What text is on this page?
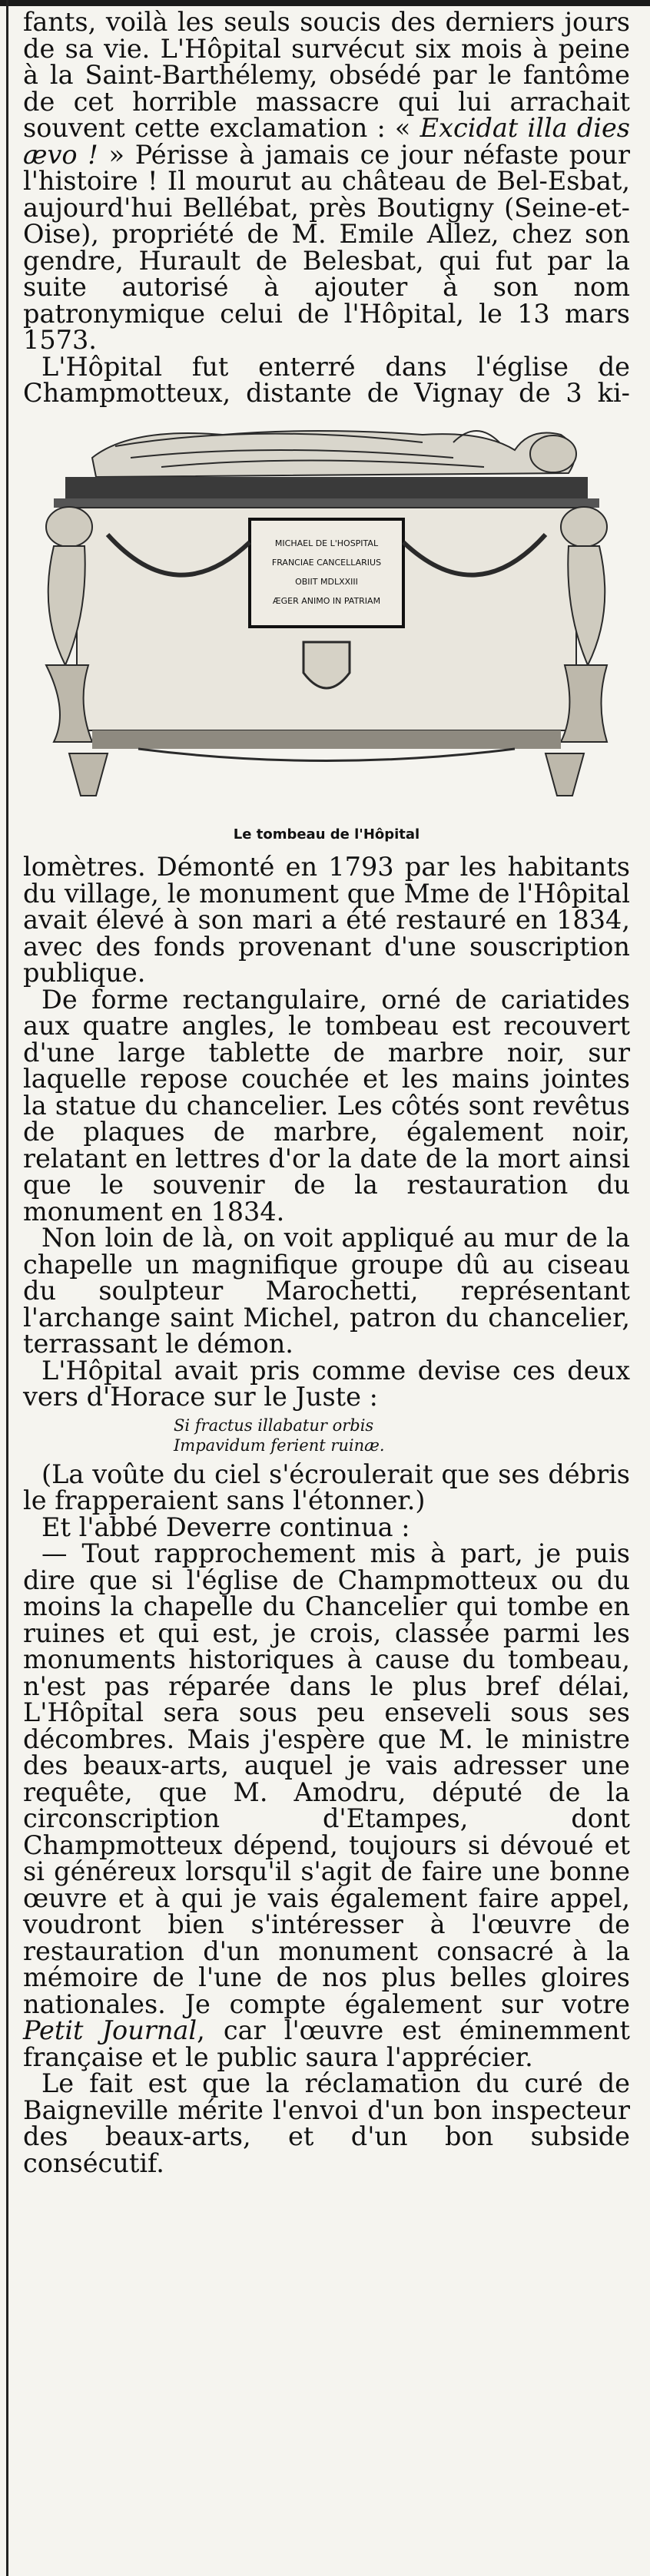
fants, voilà les seuls soucis des derniers jours de sa vie. L'Hôpital survécut six mois à peine à la Saint-Barthélemy, obsédé par le fantôme de cet horrible massacre qui lui arrachait souvent cette exclamation : « Excidat illa dies ævo ! » Périsse à jamais ce jour néfaste pour l'histoire ! Il mourut au château de Bel-Esbat, aujourd'hui Bellébat, près Boutigny (Seine-et-Oise), propriété de M. Emile Allez, chez son gendre, Hurault de Belesbat, qui fut par la suite autorisé à ajouter à son nom patronymique celui de l'Hôpital, le 13 mars 1573.

L'Hôpital fut enterré dans l'église de Champmotteux, distante de Vignay de 3 ki-

MICHAEL DE L'HOSPITAL
FRANCIAE CANCELLARIUS
OBIIT MDLXXIII
ÆGER ANIMO IN PATRIAM
Le tombeau de l'Hôpital

lomètres. Démonté en 1793 par les habitants du village, le monument que Mme de l'Hôpital avait élevé à son mari a été restauré en 1834, avec des fonds provenant d'une souscription publique.

De forme rectangulaire, orné de cariatides aux quatre angles, le tombeau est recouvert d'une large tablette de marbre noir, sur laquelle repose couchée et les mains jointes la statue du chancelier. Les côtés sont revêtus de plaques de marbre, également noir, relatant en lettres d'or la date de la mort ainsi que le souvenir de la restauration du monument en 1834.

Non loin de là, on voit appliqué au mur de la chapelle un magnifique groupe dû au ciseau du soulpteur Marochetti, représentant l'archange saint Michel, patron du chancelier, terrassant le démon.

L'Hôpital avait pris comme devise ces deux vers d'Horace sur le Juste :

Si fractus illabatur orbis
Impavidum ferient ruinæ.

(La voûte du ciel s'écroulerait que ses débris le frapperaient sans l'étonner.)

Et l'abbé Deverre continua :

— Tout rapprochement mis à part, je puis dire que si l'église de Champmotteux ou du moins la chapelle du Chancelier qui tombe en ruines et qui est, je crois, classée parmi les monuments historiques à cause du tombeau, n'est pas réparée dans le plus bref délai, L'Hôpital sera sous peu enseveli sous ses décombres. Mais j'espère que M. le ministre des beaux-arts, auquel je vais adresser une requête, que M. Amodru, député de la circonscription d'Etampes, dont Champmotteux dépend, toujours si dévoué et si généreux lorsqu'il s'agit de faire une bonne œuvre et à qui je vais également faire appel, voudront bien s'intéresser à l'œuvre de restauration d'un monument consacré à la mémoire de l'une de nos plus belles gloires nationales. Je compte également sur votre Petit Journal, car l'œuvre est éminemment française et le public saura l'apprécier.

Le fait est que la réclamation du curé de Baigneville mérite l'envoi d'un bon inspecteur des beaux-arts, et d'un bon subside consécutif.
